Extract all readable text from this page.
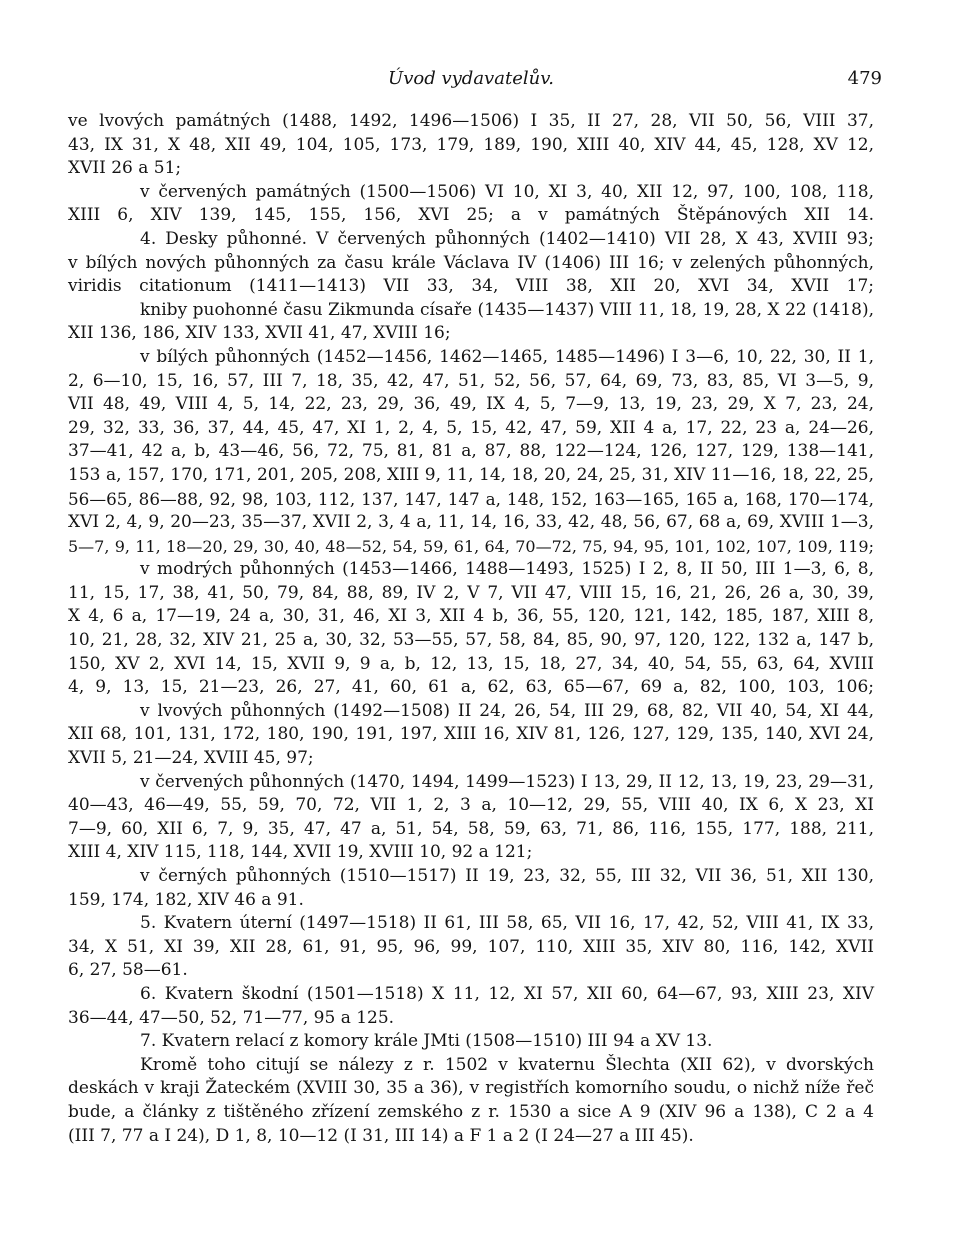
Úvod vydavatelův.	479
ve lvových památných (1488, 1492, 1496—1506) I 35, II 27, 28, VII 50, 56, VIII 37,
43, IX 31, X 48, XII 49, 104, 105, 173, 179, 189, 190, XIII 40, XIV 44, 45, 128, XV 12,
XVII 26 a 51;
v červených památných (1500—1506) VI 10, XI 3, 40, XII 12, 97, 100, 108, 118,
XIII 6, XIV 139, 145, 155, 156, XVI 25; a v památných Štěpánových XII 14.
4. Desky půhonné. V červených půhonných (1402—1410) VII 28, X 43, XVIII 93;
v bílých nových půhonných za času krále Václava IV (1406) III 16; v zelených půhonných,
viridis citationum (1411—1413) VII 33, 34, VIII 38, XII 20, XVI 34, XVII 17;
kniby puohonné času Zikmunda císaře (1435—1437) VIII 11, 18, 19, 28, X 22 (1418),
XII 136, 186, XIV 133, XVII 41, 47, XVIII 16;
v bílých půhonných (1452—1456, 1462—1465, 1485—1496) I 3—6, 10, 22, 30, II 1,
2, 6—10, 15, 16, 57, III 7, 18, 35, 42, 47, 51, 52, 56, 57, 64, 69, 73, 83, 85, VI 3—5, 9,
VII 48, 49, VIII 4, 5, 14, 22, 23, 29, 36, 49, IX 4, 5, 7—9, 13, 19, 23, 29, X 7, 23, 24,
29, 32, 33, 36, 37, 44, 45, 47, XI 1, 2, 4, 5, 15, 42, 47, 59, XII 4 a, 17, 22, 23 a, 24—26,
37—41, 42 a, b, 43—46, 56, 72, 75, 81, 81 a, 87, 88, 122—124, 126, 127, 129, 138—141,
153 a, 157, 170, 171, 201, 205, 208, XIII 9, 11, 14, 18, 20, 24, 25, 31, XIV 11—16, 18, 22, 25,
56—65, 86—88, 92, 98, 103, 112, 137, 147, 147 a, 148, 152, 163—165, 165 a, 168, 170—174,
XVI 2, 4, 9, 20—23, 35—37, XVII 2, 3, 4 a, 11, 14, 16, 33, 42, 48, 56, 67, 68 a, 69, XVIII 1—3,
5—7, 9, 11, 18—20, 29, 30, 40, 48—52, 54, 59, 61, 64, 70—72, 75, 94, 95, 101, 102, 107, 109, 119;
v modrých půhonných (1453—1466, 1488—1493, 1525) I 2, 8, II 50, III 1—3, 6, 8,
11, 15, 17, 38, 41, 50, 79, 84, 88, 89, IV 2, V 7, VII 47, VIII 15, 16, 21, 26, 26 a, 30, 39,
X 4, 6 a, 17—19, 24 a, 30, 31, 46, XI 3, XII 4 b, 36, 55, 120, 121, 142, 185, 187, XIII 8,
10, 21, 28, 32, XIV 21, 25 a, 30, 32, 53—55, 57, 58, 84, 85, 90, 97, 120, 122, 132 a, 147 b,
150, XV 2, XVI 14, 15, XVII 9, 9 a, b, 12, 13, 15, 18, 27, 34, 40, 54, 55, 63, 64, XVIII
4, 9, 13, 15, 21—23, 26, 27, 41, 60, 61 a, 62, 63, 65—67, 69 a, 82, 100, 103, 106;
v lvových půhonných (1492—1508) II 24, 26, 54, III 29, 68, 82, VII 40, 54, XI 44,
XII 68, 101, 131, 172, 180, 190, 191, 197, XIII 16, XIV 81, 126, 127, 129, 135, 140, XVI 24,
XVII 5, 21—24, XVIII 45, 97;
v červených půhonných (1470, 1494, 1499—1523) I 13, 29, II 12, 13, 19, 23, 29—31,
40—43, 46—49, 55, 59, 70, 72, VII 1, 2, 3 a, 10—12, 29, 55, VIII 40, IX 6, X 23, XI
7—9, 60, XII 6, 7, 9, 35, 47, 47 a, 51, 54, 58, 59, 63, 71, 86, 116, 155, 177, 188, 211,
XIII 4, XIV 115, 118, 144, XVII 19, XVIII 10, 92 a 121;
v černých půhonných (1510—1517) II 19, 23, 32, 55, III 32, VII 36, 51, XII 130,
159, 174, 182, XIV 46 a 91.
5. Kvatern úterní (1497—1518) II 61, III 58, 65, VII 16, 17, 42, 52, VIII 41, IX 33,
34, X 51, XI 39, XII 28, 61, 91, 95, 96, 99, 107, 110, XIII 35, XIV 80, 116, 142, XVII
6, 27, 58—61.
6. Kvatern škodní (1501—1518) X 11, 12, XI 57, XII 60, 64—67, 93, XIII 23, XIV
36—44, 47—50, 52, 71—77, 95 a 125.
7. Kvatern relací z komory krále JMti (1508—1510) III 94 a XV 13.
Kromě toho citují se nálezy z r. 1502 v kvaternu Šlechta (XII 62), v dvorských
deskách v kraji Žateckém (XVIII 30, 35 a 36), v registřích komorního soudu, o nichž níže řeč
bude, a články z tištěného zřízení zemského z r. 1530 a sice A 9 (XIV 96 a 138), C 2 a 4
(III 7, 77 a I 24), D 1, 8, 10—12 (I 31, III 14) a F 1 a 2 (I 24—27 a III 45).
